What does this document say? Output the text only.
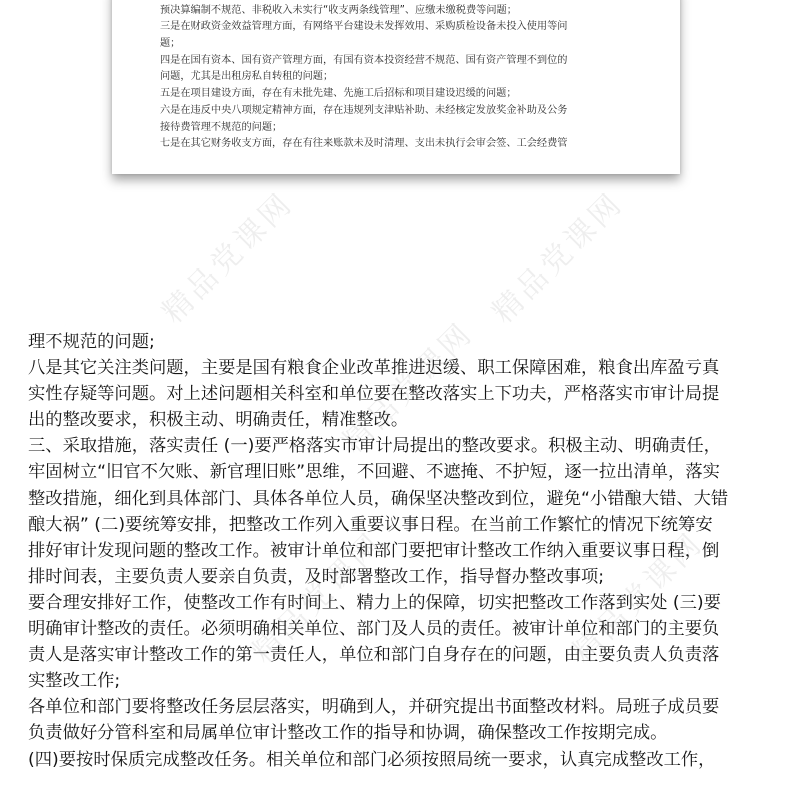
预决算编制不规范、非税收入未实行“收支两条线管理”、应缴未缴税费等问题；
三是在财政资金效益管理方面，有网络平台建设未发挥效用、采购质检设备未投入使用等问
题；
四是在国有资本、国有资产管理方面，有国有资本投资经营不规范、国有资产管理不到位的
问题，尤其是出租房私自转租的问题；
五是在项目建设方面，存在有未批先建、先施工后招标和项目建设迟缓的问题；
六是在违反中央八项规定精神方面，存在违规列支津贴补助、未经核定发放奖金补助及公务
接待费管理不规范的问题；
七是在其它财务收支方面，存在有往来账款未及时清理、支出未执行会审会签、工会经费管
精品党课网	精品党课网
精品党课网
精品党课网	精品党课网
理不规范的问题;
八是其它关注类问题，主要是国有粮食企业改革推进迟缓、职工保障困难，粮食出库盈亏真
实性存疑等问题。对上述问题相关科室和单位要在整改落实上下功夫，严格落实市审计局提
出的整改要求，积极主动、明确责任，精准整改。
三、采取措施，落实责任 (一)要严格落实市审计局提出的整改要求。积极主动、明确责任，
牢固树立“旧官不欠账、新官理旧账”思维，不回避、不遮掩、不护短，逐一拉出清单，落实
整改措施，细化到具体部门、具体各单位人员，确保坚决整改到位，避免“小错酿大错、大错
酿大祸” (二)要统筹安排，把整改工作列入重要议事日程。在当前工作繁忙的情况下统筹安
排好审计发现问题的整改工作。被审计单位和部门要把审计整改工作纳入重要议事日程，倒
排时间表，主要负责人要亲自负责，及时部署整改工作，指导督办整改事项;
要合理安排好工作，使整改工作有时间上、精力上的保障，切实把整改工作落到实处 (三)要
明确审计整改的责任。必须明确相关单位、部门及人员的责任。被审计单位和部门的主要负
责人是落实审计整改工作的第一责任人，单位和部门自身存在的问题，由主要负责人负责落
实整改工作;
各单位和部门要将整改任务层层落实，明确到人，并研究提出书面整改材料。局班子成员要
负责做好分管科室和局属单位审计整改工作的指导和协调，确保整改工作按期完成。
(四)要按时保质完成整改任务。相关单位和部门必须按照局统一要求，认真完成整改工作，
